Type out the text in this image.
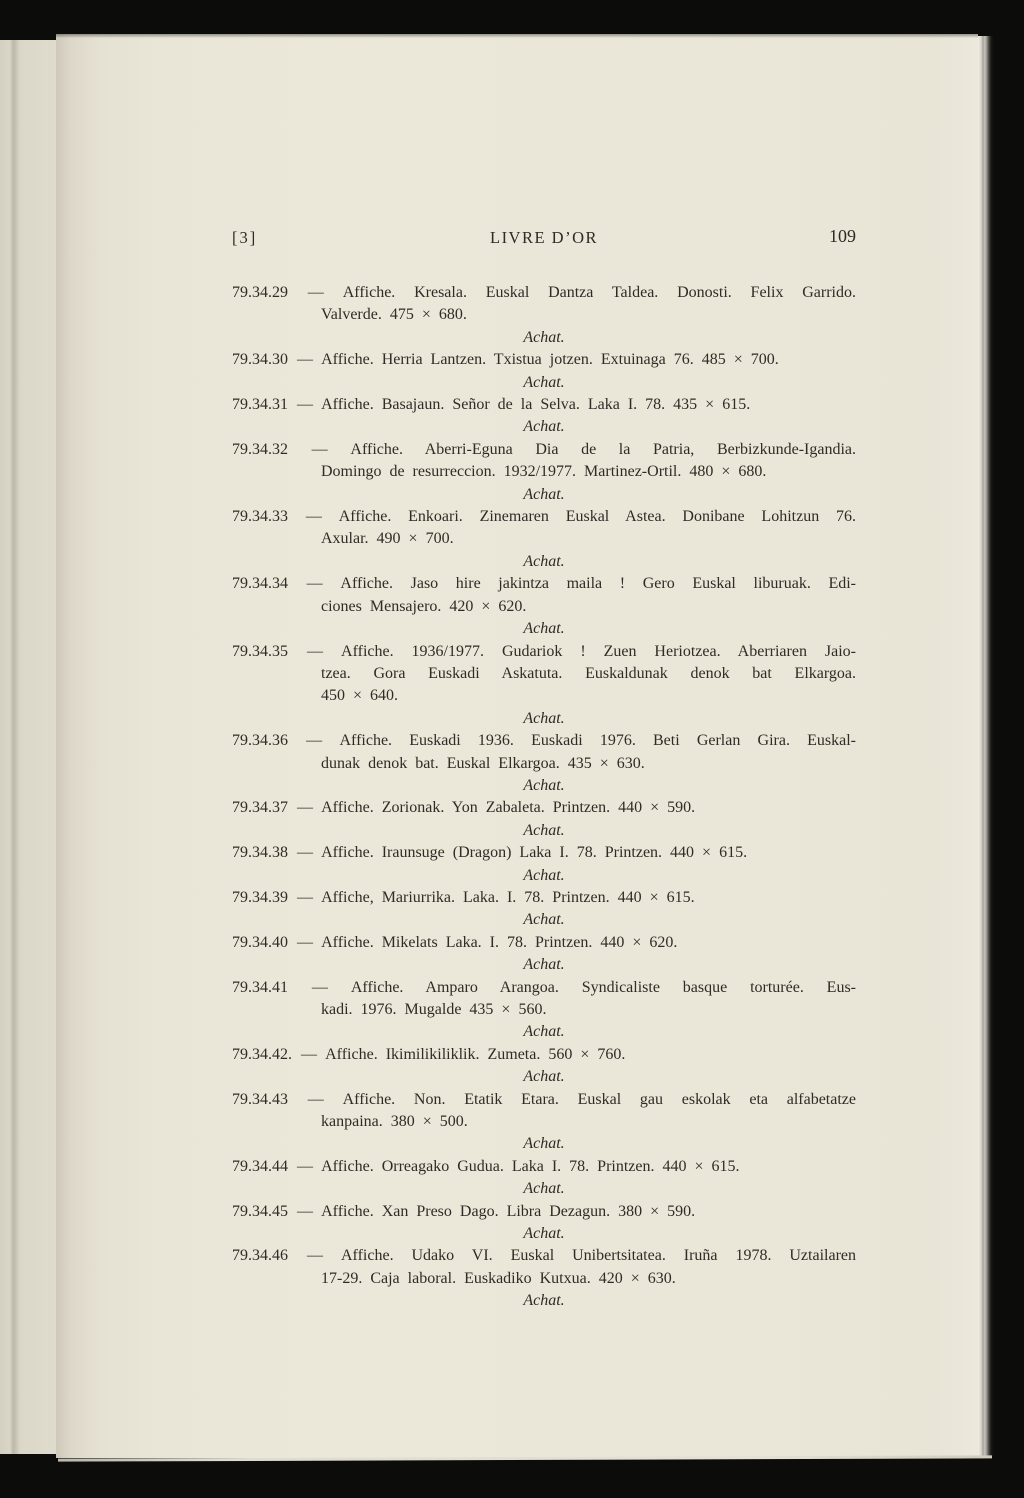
[3]	LIVRE D’OR	109
79.34.29 — Affiche. Kresala. Euskal Dantza Taldea. Donosti. Felix Garrido.
Valverde. 475 × 680.
Achat.
79.34.30 — Affiche. Herria Lantzen. Txistua jotzen. Extuinaga 76. 485 × 700.
Achat.
79.34.31 — Affiche. Basajaun. Señor de la Selva. Laka I. 78. 435 × 615.
Achat.
79.34.32 — Affiche. Aberri-Eguna Dia de la Patria, Berbizkunde-Igandia.
Domingo de resurreccion. 1932/1977. Martinez-Ortil. 480 × 680.
Achat.
79.34.33 — Affiche. Enkoari. Zinemaren Euskal Astea. Donibane Lohitzun 76.
Axular. 490 × 700.
Achat.
79.34.34 — Affiche. Jaso hire jakintza maila ! Gero Euskal liburuak. Edi-
ciones Mensajero. 420 × 620.
Achat.
79.34.35 — Affiche. 1936/1977. Gudariok ! Zuen Heriotzea. Aberriaren Jaio-
tzea. Gora Euskadi Askatuta. Euskaldunak denok bat Elkargoa.
450 × 640.
Achat.
79.34.36 — Affiche. Euskadi 1936. Euskadi 1976. Beti Gerlan Gira. Euskal-
dunak denok bat. Euskal Elkargoa. 435 × 630.
Achat.
79.34.37 — Affiche. Zorionak. Yon Zabaleta. Printzen. 440 × 590.
Achat.
79.34.38 — Affiche. Iraunsuge (Dragon) Laka I. 78. Printzen. 440 × 615.
Achat.
79.34.39 — Affiche, Mariurrika. Laka. I. 78. Printzen. 440 × 615.
Achat.
79.34.40 — Affiche. Mikelats Laka. I. 78. Printzen. 440 × 620.
Achat.
79.34.41 — Affiche. Amparo Arangoa. Syndicaliste basque torturée. Eus-
kadi. 1976. Mugalde 435 × 560.
Achat.
79.34.42. — Affiche. Ikimilikiliklik. Zumeta. 560 × 760.
Achat.
79.34.43 — Affiche. Non. Etatik Etara. Euskal gau eskolak eta alfabetatze
kanpaina. 380 × 500.
Achat.
79.34.44 — Affiche. Orreagako Gudua. Laka I. 78. Printzen. 440 × 615.
Achat.
79.34.45 — Affiche. Xan Preso Dago. Libra Dezagun. 380 × 590.
Achat.
79.34.46 — Affiche. Udako VI. Euskal Unibertsitatea. Iruña 1978. Uztailaren
17-29. Caja laboral. Euskadiko Kutxua. 420 × 630.
Achat.
